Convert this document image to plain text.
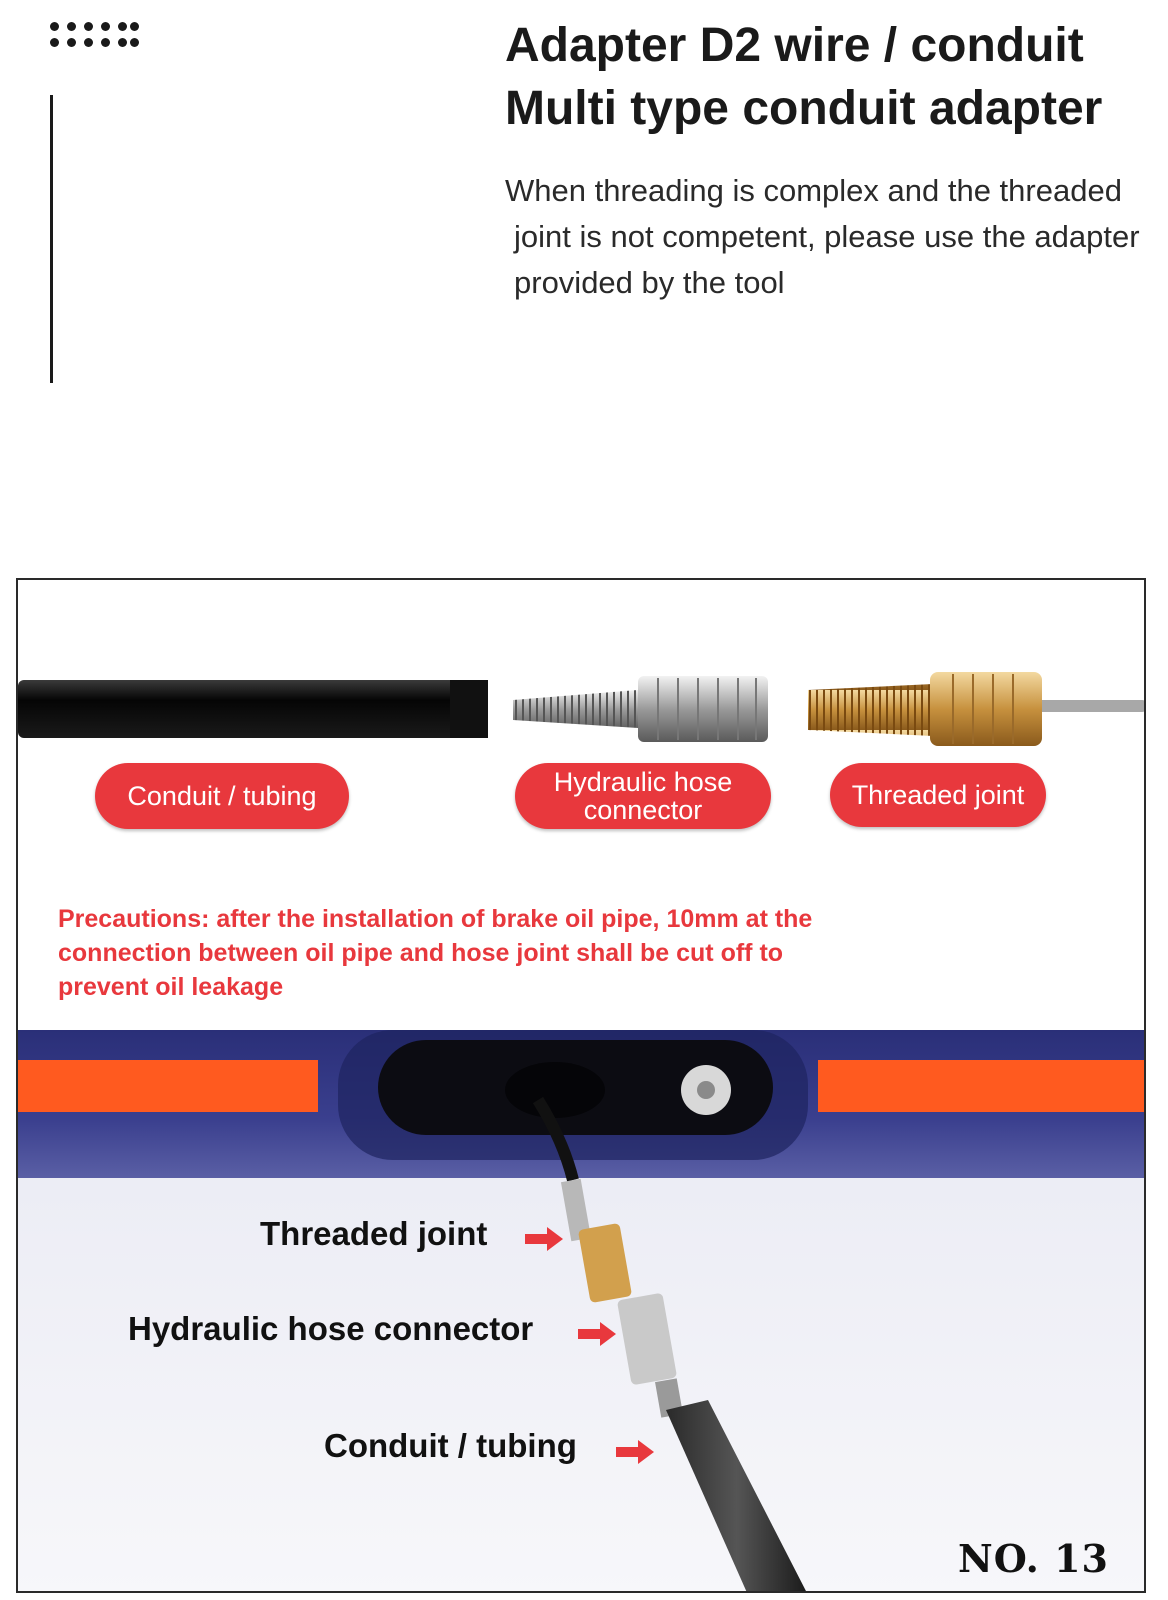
Adapter D2 wire / conduit
Multi type conduit adapter
When threading is complex and the threaded
joint is not competent, please use the adapter
provided by the tool
Conduit / tubing	Hydraulic hose
connector	Threaded joint
Precautions: after the installation of brake oil pipe, 10mm at the
connection between oil pipe and hose joint shall be cut off to
prevent oil leakage
Threaded joint
Hydraulic hose connector
Conduit / tubing
NO. 13
